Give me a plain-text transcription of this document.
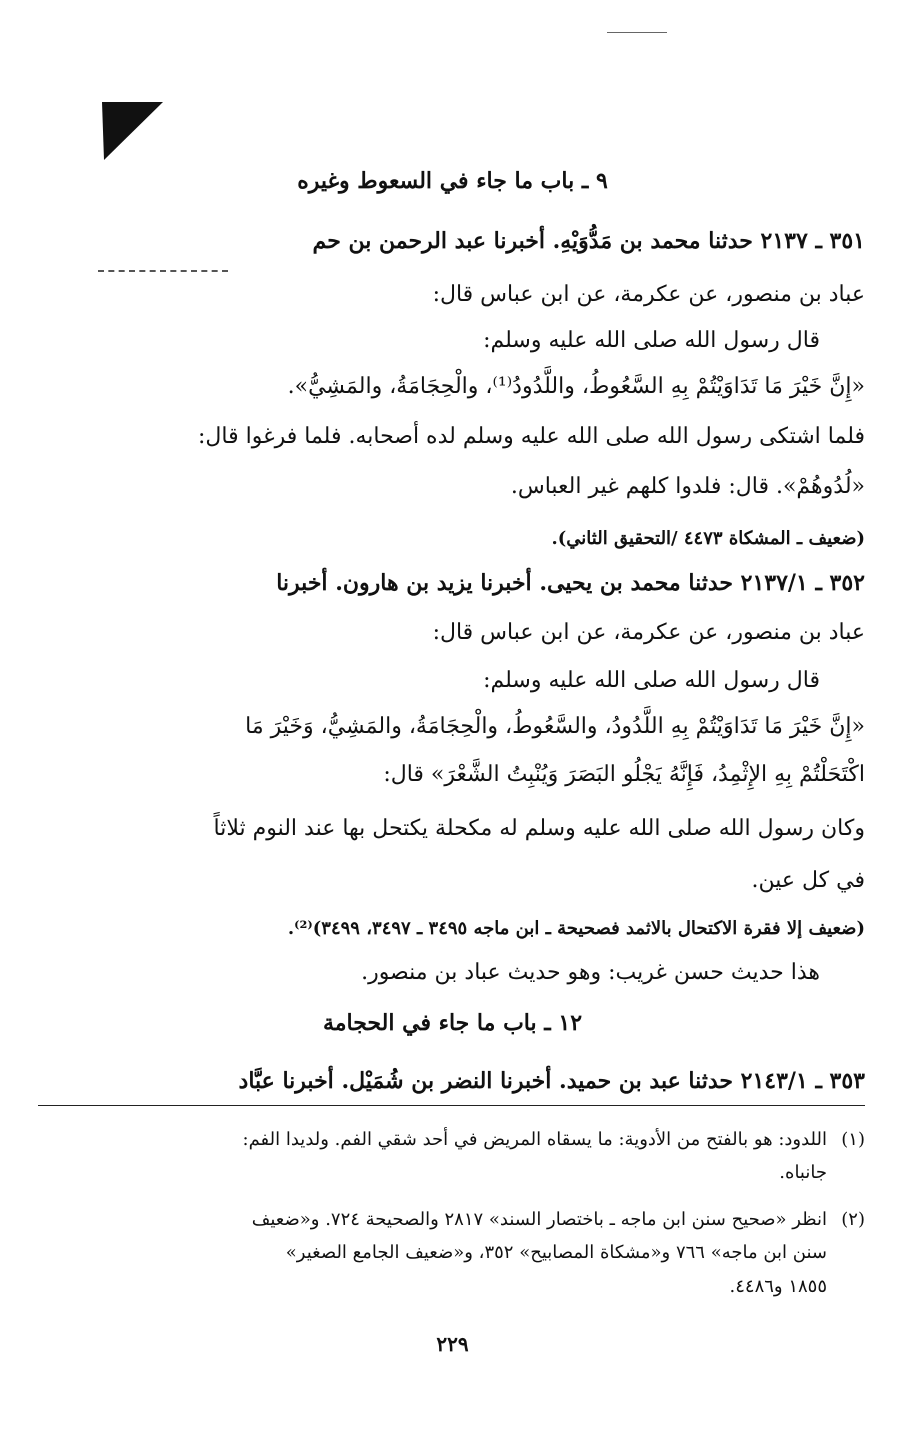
٩ ـ باب ما جاء في السعوط وغيره
٣٥١ ـ ٢١٣٧ حدثنا محمد بن مَدُّوَيْهِ. أخبرنا عبد الرحمن بن حم
عباد بن منصور، عن عكرمة، عن ابن عباس قال:
قال رسول الله صلى الله عليه وسلم:
«إِنَّ خَيْرَ مَا تَدَاوَيْتُمْ بِهِ السَّعُوطُ، واللَّدُودُ⁽¹⁾، والْحِجَامَةُ، والمَشِيُّ».
فلما اشتكى رسول الله صلى الله عليه وسلم لده أصحابه. فلما فرغوا قال:
«لُدُوهُمْ». قال: فلدوا كلهم غير العباس.
(ضعيف ـ المشكاة ٤٤٧٣ /التحقيق الثاني).
٣٥٢ ـ ٢١٣٧/١ حدثنا محمد بن يحيى. أخبرنا يزيد بن هارون. أخبرنا
عباد بن منصور، عن عكرمة، عن ابن عباس قال:
قال رسول الله صلى الله عليه وسلم:
«إِنَّ خَيْرَ مَا تَدَاوَيْتُمْ بِهِ اللَّدُودُ، والسَّعُوطُ، والْحِجَامَةُ، والمَشِيُّ، وَخَيْرَ مَا
اكْتَحَلْتُمْ بِهِ الإِثْمِدُ، فَإِنَّهُ يَجْلُو البَصَرَ وَيُنْبِتُ الشَّعْرَ» قال:
وكان رسول الله صلى الله عليه وسلم له مكحلة يكتحل بها عند النوم ثلاثاً
في كل عين.
(ضعيف إلا فقرة الاكتحال بالاثمد فصحيحة ـ ابن ماجه ٣٤٩٥ ـ ٣٤٩٧، ٣٤٩٩)⁽²⁾.
هذا حديث حسن غريب: وهو حديث عباد بن منصور.
١٢ ـ باب ما جاء في الحجامة
٣٥٣ ـ ٢١٤٣/١ حدثنا عبد بن حميد. أخبرنا النضر بن شُمَيْل. أخبرنا عبَّاد
(١)اللدود: هو بالفتح من الأدوية: ما يسقاه المريض في أحد شقي الفم. ولديدا الفم:
جانباه.
(٢)انظر «صحيح سنن ابن ماجه ـ باختصار السند» ٢٨١٧ والصحيحة ٧٢٤. و«ضعيف
سنن ابن ماجه» ٧٦٦ و«مشكاة المصابيح» ٣٥٢، و«ضعيف الجامع الصغير»
١٨٥٥ و٤٤٨٦.
٢٢٩
